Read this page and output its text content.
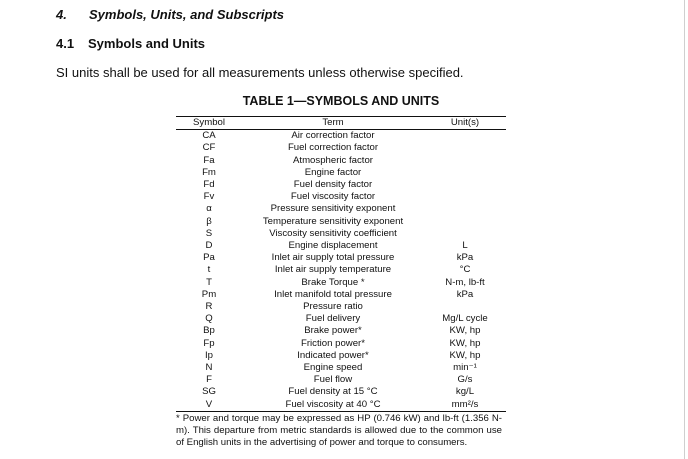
4. Symbols, Units, and Subscripts
4.1 Symbols and Units
SI units shall be used for all measurements unless otherwise specified.
TABLE 1—SYMBOLS AND UNITS
Symbol	Term	Unit(s)
CA	Air correction factor	
CF	Fuel correction factor	
Fa	Atmospheric factor	
Fm	Engine factor	
Fd	Fuel density factor	
Fv	Fuel viscosity factor	
α	Pressure sensitivity exponent	
β	Temperature sensitivity exponent	
S	Viscosity sensitivity coefficient	
D	Engine displacement	L
Pa	Inlet air supply total pressure	kPa
t	Inlet air supply temperature	°C
T	Brake Torque *	N-m, lb-ft
Pm	Inlet manifold total pressure	kPa
R	Pressure ratio	
Q	Fuel delivery	Mg/L cycle
Bp	Brake power*	KW, hp
Fp	Friction power*	KW, hp
Ip	Indicated power*	KW, hp
N	Engine speed	min⁻¹
F	Fuel flow	G/s
SG	Fuel density at 15 °C	kg/L
V	Fuel viscosity at 40 °C	mm²/s
* Power and torque may be expressed as HP (0.746 kW) and lb-ft (1.356 N-m). This departure from metric standards is allowed due to the common use of English units in the advertising of power and torque to consumers.
